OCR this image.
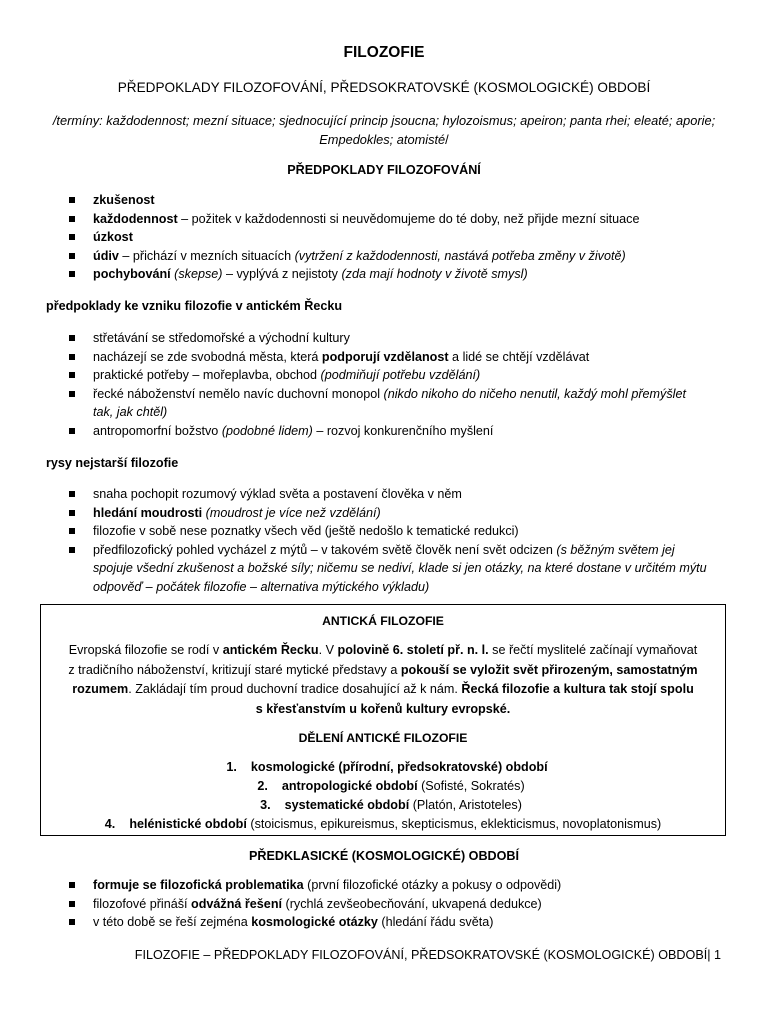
FILOZOFIE
PŘEDPOKLADY FILOZOFOVÁNÍ, PŘEDSOKRATOVSKÉ (KOSMOLOGICKÉ) OBDOBÍ
/termíny: každodennost; mezní situace; sjednocující princip jsoucna; hylozoismus; apeiron; panta rhei; eleaté; aporie;
Empedokles; atomisté/
PŘEDPOKLADY FILOZOFOVÁNÍ
zkušenost
každodennost – požitek v každodennosti si neuvědomujeme do té doby, než přijde mezní situace
úzkost
údiv – přichází v mezních situacích (vytržení z každodennosti, nastává potřeba změny v životě)
pochybování (skepse) – vyplývá z nejistoty (zda mají hodnoty v životě smysl)
předpoklady ke vzniku filozofie v antickém Řecku
střetávání se středomořské a východní kultury
nacházejí se zde svobodná města, která podporují vzdělanost a lidé se chtějí vzdělávat
praktické potřeby – mořeplavba, obchod (podmiňují potřebu vzdělání)
řecké náboženství nemělo navíc duchovní monopol (nikdo nikoho do ničeho nenutil, každý mohl přemýšlet
tak, jak chtěl)
antropomorfní božstvo (podobné lidem) – rozvoj konkurenčního myšlení
rysy nejstarší filozofie
snaha pochopit rozumový výklad světa a postavení člověka v něm
hledání moudrosti (moudrost je více než vzdělání)
filozofie v sobě nese poznatky všech věd (ještě nedošlo k tematické redukci)
předfilozofický pohled vycházel z mýtů – v takovém světě člověk není svět odcizen (s běžným světem jej
spojuje všední zkušenost a božské síly; ničemu se nediví, klade si jen otázky, na které dostane v určitém mýtu
odpověď – počátek filozofie – alternativa mýtického výkladu)
ANTICKÁ FILOZOFIE
Evropská filozofie se rodí v antickém Řecku. V polovině 6. století př. n. l. se řečtí myslitelé začínají vymaňovat
z tradičního náboženství, kritizují staré mytické představy a pokouší se vyložit svět přirozeným, samostatným
rozumem. Zakládají tím proud duchovní tradice dosahující až k nám. Řecká filozofie a kultura tak stojí spolu
s křesťanstvím u kořenů kultury evropské.
DĚLENÍ ANTICKÉ FILOZOFIE
1. kosmologické (přírodní, předsokratovské) období
2. antropologické období (Sofisté, Sokratés)
3. systematické období (Platón, Aristoteles)
4. helénistické období (stoicismus, epikureismus, skepticismus, eklekticismus, novoplatonismus)
PŘEDKLASICKÉ (KOSMOLOGICKÉ) OBDOBÍ
formuje se filozofická problematika (první filozofické otázky a pokusy o odpovědi)
filozofové přináší odvážná řešení (rychlá zevšeobecňování, ukvapená dedukce)
v této době se řeší zejména kosmologické otázky (hledání řádu světa)
FILOZOFIE – PŘEDPOKLADY FILOZOFOVÁNÍ, PŘEDSOKRATOVSKÉ (KOSMOLOGICKÉ) OBDOBÍ| 1
